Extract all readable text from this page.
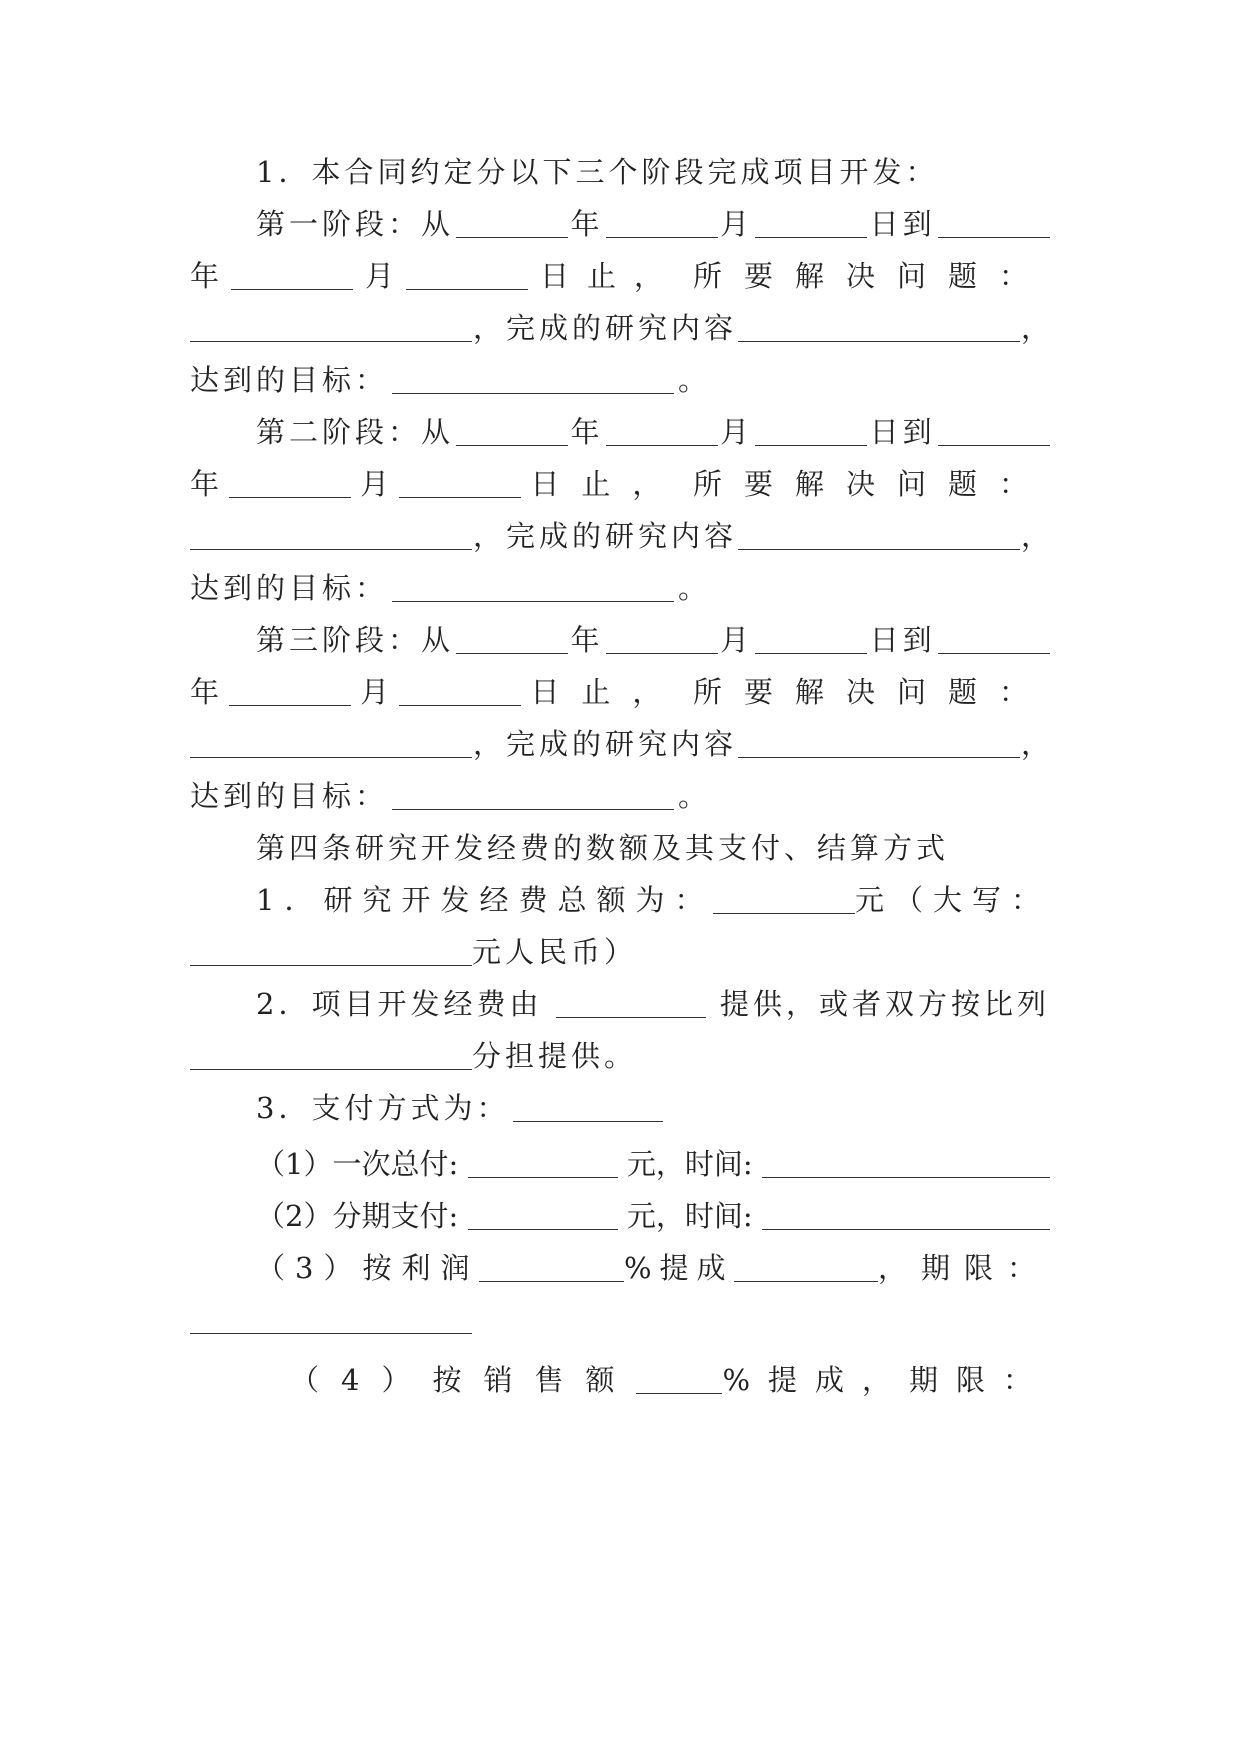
1．本合同约定分以下三个阶段完成项目开发：
第一阶段：从	年	月	日到
年	月	日止， 所要解决问题：
，完成的研究内容	，
达到的目标：	。
第二阶段：从	年	月	日到
年	月	日止， 所要解决问题：
，完成的研究内容	，
达到的目标：	。
第三阶段：从	年	月	日到
年	月	日止， 所要解决问题：
，完成的研究内容	，
达到的目标：	。
第四条研究开发经费的数额及其支付、结算方式
1．研究开发经费总额为：	元（大写：
元人民币）
2．项目开发经费由	提供，或者双方按比列
分担提供。
3．支付方式为：
（1）一次总付:	元，时间:
（2）分期支付:	元，时间:
（3）按利润	%提成	，期限：
（4）按销售额	%提成，期限：
